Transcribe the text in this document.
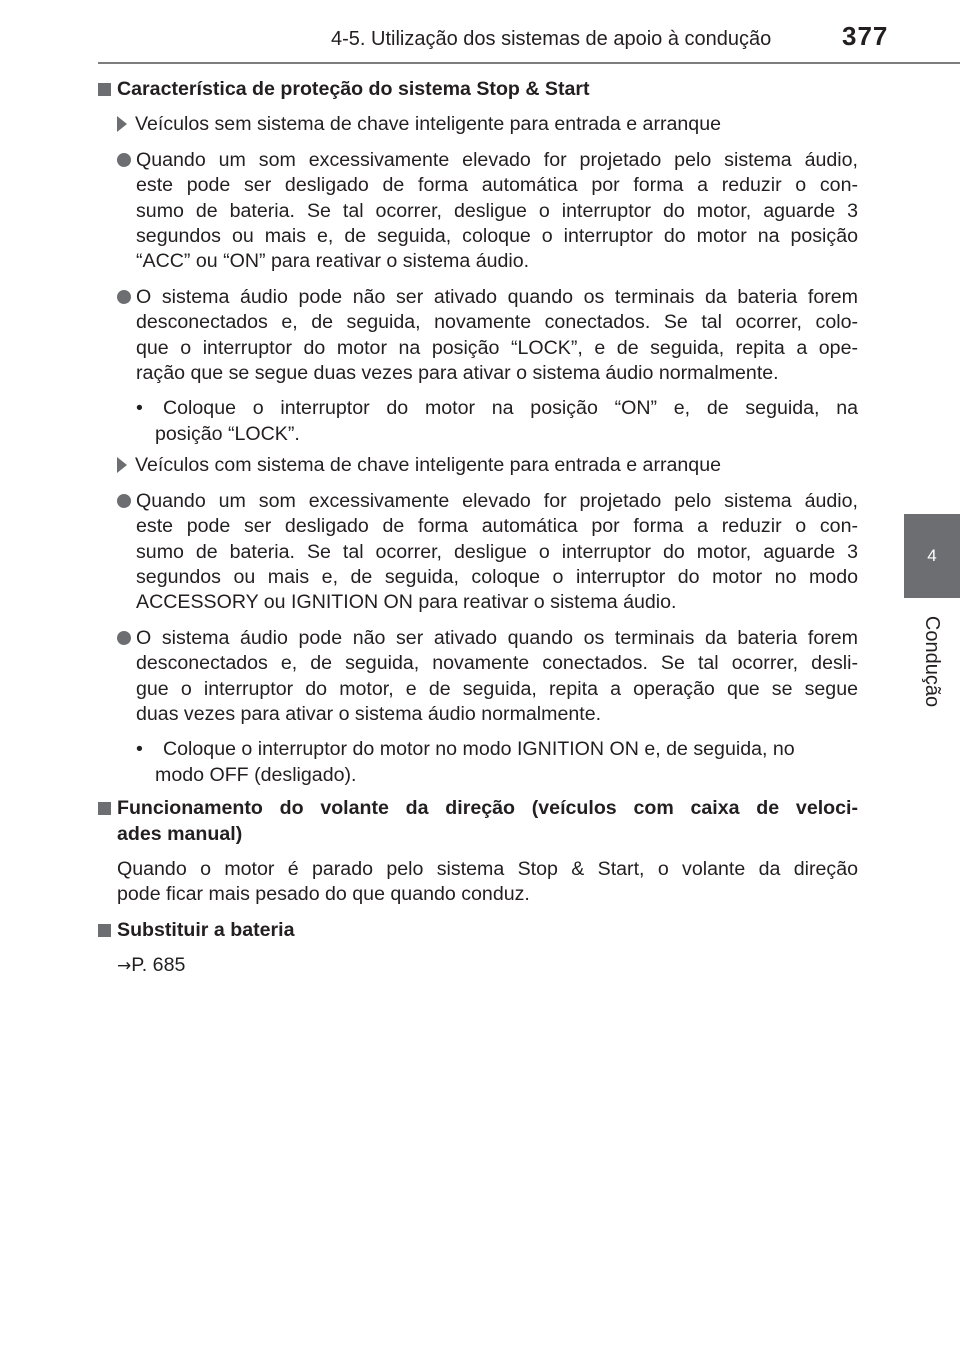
4-5. Utilização dos sistemas de apoio à condução	377
4
Condução
Característica de proteção do sistema Stop & Start
Veículos sem sistema de chave inteligente para entrada e arranque
Quando um som excessivamente elevado for projetado pelo sistema áudio,
este pode ser desligado de forma automática por forma a reduzir o con-
sumo de bateria. Se tal ocorrer, desligue o interruptor do motor, aguarde 3
segundos ou mais e, de seguida, coloque o interruptor do motor na posição
“ACC” ou “ON” para reativar o sistema áudio.
O sistema áudio pode não ser ativado quando os terminais da bateria forem
desconectados e, de seguida, novamente conectados. Se tal ocorrer, colo-
que o interruptor do motor na posição “LOCK”, e de seguida, repita a ope-
ração que se segue duas vezes para ativar o sistema áudio normalmente.
• Coloque o interruptor do motor na posição “ON” e, de seguida, na
posição “LOCK”.
Veículos com sistema de chave inteligente para entrada e arranque
Quando um som excessivamente elevado for projetado pelo sistema áudio,
este pode ser desligado de forma automática por forma a reduzir o con-
sumo de bateria. Se tal ocorrer, desligue o interruptor do motor, aguarde 3
segundos ou mais e, de seguida, coloque o interruptor do motor no modo
ACCESSORY ou IGNITION ON para reativar o sistema áudio.
O sistema áudio pode não ser ativado quando os terminais da bateria forem
desconectados e, de seguida, novamente conectados. Se tal ocorrer, desli-
gue o interruptor do motor, e de seguida, repita a operação que se segue
duas vezes para ativar o sistema áudio normalmente.
• Coloque o interruptor do motor no modo IGNITION ON e, de seguida, no
modo OFF (desligado).
Funcionamento do volante da direção (veículos com caixa de veloci-
ades manual)
Quando o motor é parado pelo sistema Stop & Start, o volante da direção
pode ficar mais pesado do que quando conduz.
Substituir a bateria
→P. 685
